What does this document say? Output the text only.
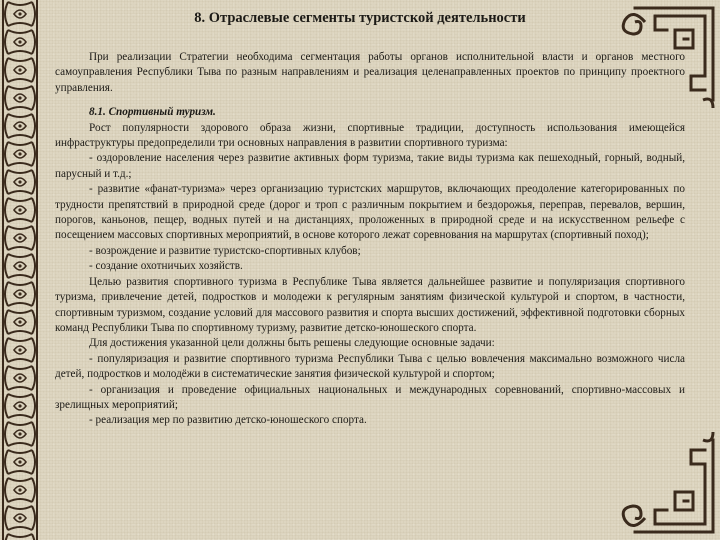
8. Отраслевые сегменты туристской деятельности

При реализации Стратегии необходима сегментация работы органов исполнительной власти и органов местного самоуправления Республики Тыва по разным направлениям и реализация целенаправленных проектов по принципу проектного управления.

8.1. Спортивный туризм.

Рост популярности здорового образа жизни, спортивные традиции, доступность использования имеющейся инфраструктуры предопределили три основных направления в развитии спортивного туризма:

- оздоровление населения через развитие активных форм туризма, такие виды туризма как пешеходный, горный, водный, парусный и т.д.;

- развитие «фанат-туризма» через организацию туристских маршрутов, включающих преодоление категорированных по трудности препятствий в природной среде (дорог и троп с различным покрытием и бездорожья, переправ, перевалов, вершин, порогов, каньонов, пещер, водных путей и на дистанциях, проложенных в природной среде и на искусственном рельефе с посещением массовых спортивных мероприятий, в основе которого лежат соревнования на маршрутах (спортивный поход);

- возрождение и развитие туристско-спортивных клубов;

- создание охотничьих хозяйств.

Целью развития спортивного туризма в Республике Тыва является дальнейшее развитие и популяризация спортивного туризма, привлечение детей, подростков и молодежи к регулярным занятиям физической культурой и спортом, в частности, спортивным туризмом, создание условий для массового развития и спорта высших достижений, эффективной подготовки сборных команд Республики Тыва по спортивному туризму, развитие детско-юношеского спорта.

Для достижения указанной цели должны быть решены следующие основные задачи:

- популяризация и развитие спортивного туризма Республики Тыва с целью вовлечения максимально возможного числа детей, подростков и молодёжи в систематические занятия физической культурой и спортом;

- организация и проведение официальных национальных и международных соревнований, спортивно-массовых и зрелищных мероприятий;

- реализация мер по развитию детско-юношеского спорта.
